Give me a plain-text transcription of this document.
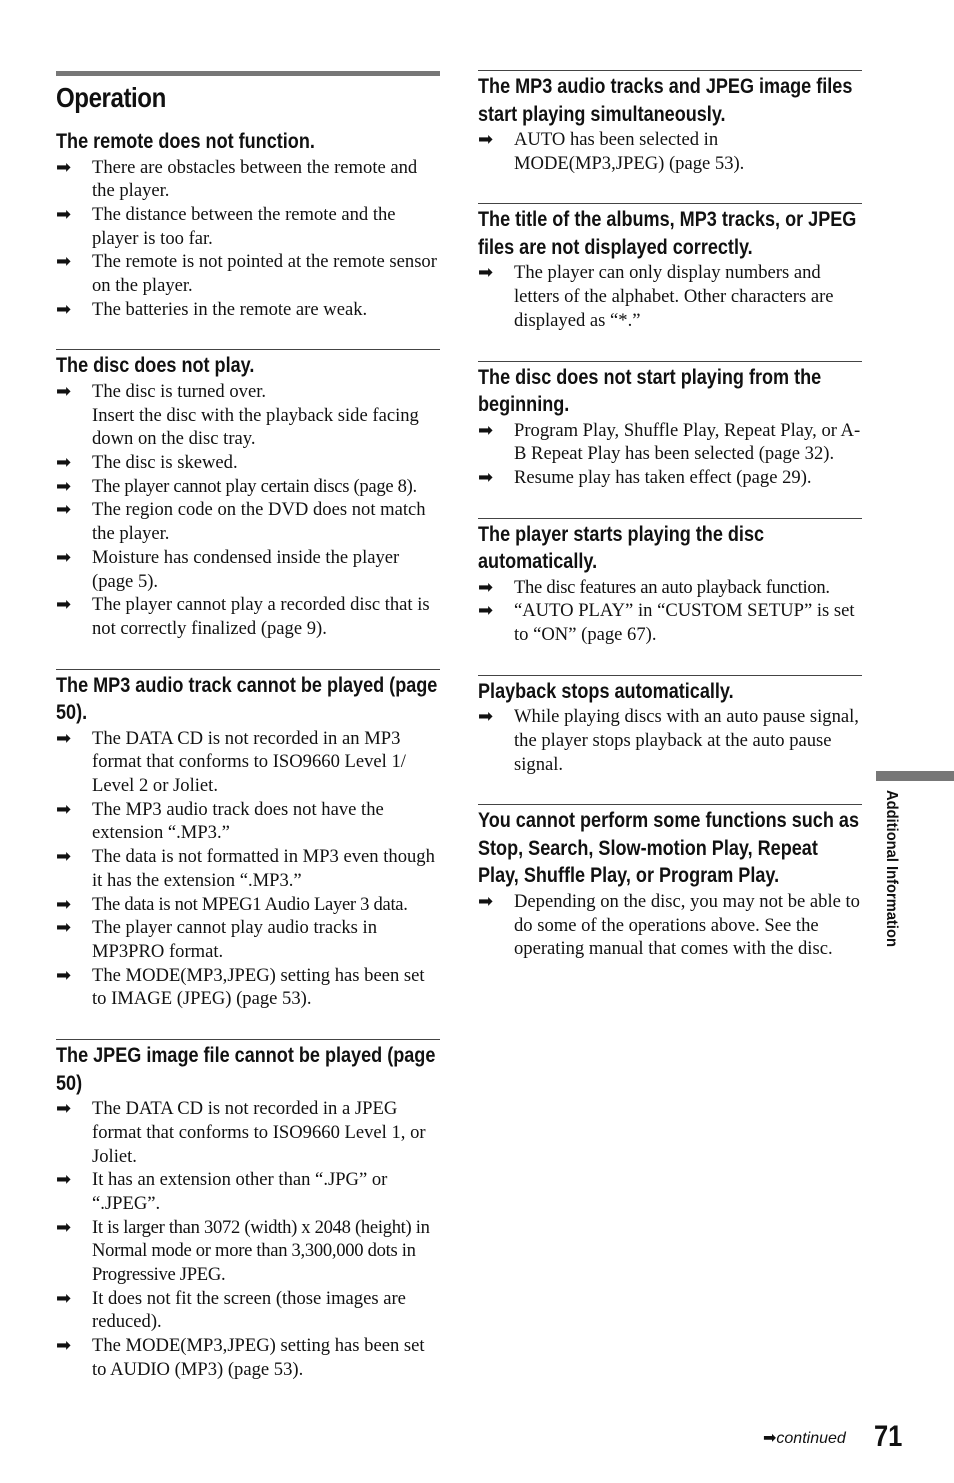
Operation
The remote does not function.
➡	There are obstacles between the remote and the player.
➡	The distance between the remote and the player is too far.
➡	The remote is not pointed at the remote sensor on the player.
➡	The batteries in the remote are weak.
The disc does not play.
➡	The disc is turned over.
Insert the disc with the playback side facing down on the disc tray.
➡	The disc is skewed.
➡	The player cannot play certain discs (page 8).
➡	The region code on the DVD does not match the player.
➡	Moisture has condensed inside the player (page 5).
➡	The player cannot play a recorded disc that is not correctly finalized (page 9).
The MP3 audio track cannot be played (page 50).
➡	The DATA CD is not recorded in an MP3 format that conforms to ISO9660 Level 1/ Level 2 or Joliet.
➡	The MP3 audio track does not have the extension “.MP3.”
➡	The data is not formatted in MP3 even though it has the extension “.MP3.”
➡	The data is not MPEG1 Audio Layer 3 data.
➡	The player cannot play audio tracks in MP3PRO format.
➡	The MODE(MP3,JPEG) setting has been set to IMAGE (JPEG) (page 53).
The JPEG image file cannot be played (page 50)
➡	The DATA CD is not recorded in a JPEG format that conforms to ISO9660 Level 1, or Joliet.
➡	It has an extension other than “.JPG” or “.JPEG”.
➡	It is larger than 3072 (width) x 2048 (height) in Normal mode or more than 3,300,000 dots in Progressive JPEG.
➡	It does not fit the screen (those images are reduced).
➡	The MODE(MP3,JPEG) setting has been set to AUDIO (MP3) (page 53).
The MP3 audio tracks and JPEG image files start playing simultaneously.
➡	AUTO has been selected in MODE(MP3,JPEG) (page 53).
The title of the albums, MP3 tracks, or JPEG files are not displayed correctly.
➡	The player can only display numbers and letters of the alphabet. Other characters are displayed as “*.”
The disc does not start playing from the beginning.
➡	Program Play, Shuffle Play, Repeat Play, or A-B Repeat Play has been selected (page 32).
➡	Resume play has taken effect (page 29).
The player starts playing the disc automatically.
➡	The disc features an auto playback function.
➡	“AUTO PLAY” in “CUSTOM SETUP” is set to “ON” (page 67).
Playback stops automatically.
➡	While playing discs with an auto pause signal, the player stops playback at the auto pause signal.
You cannot perform some functions such as Stop, Search, Slow-motion Play, Repeat Play, Shuffle Play, or Program Play.
➡	Depending on the disc, you may not be able to do some of the operations above. See the operating manual that comes with the disc.
Additional Information
➡continued 71
